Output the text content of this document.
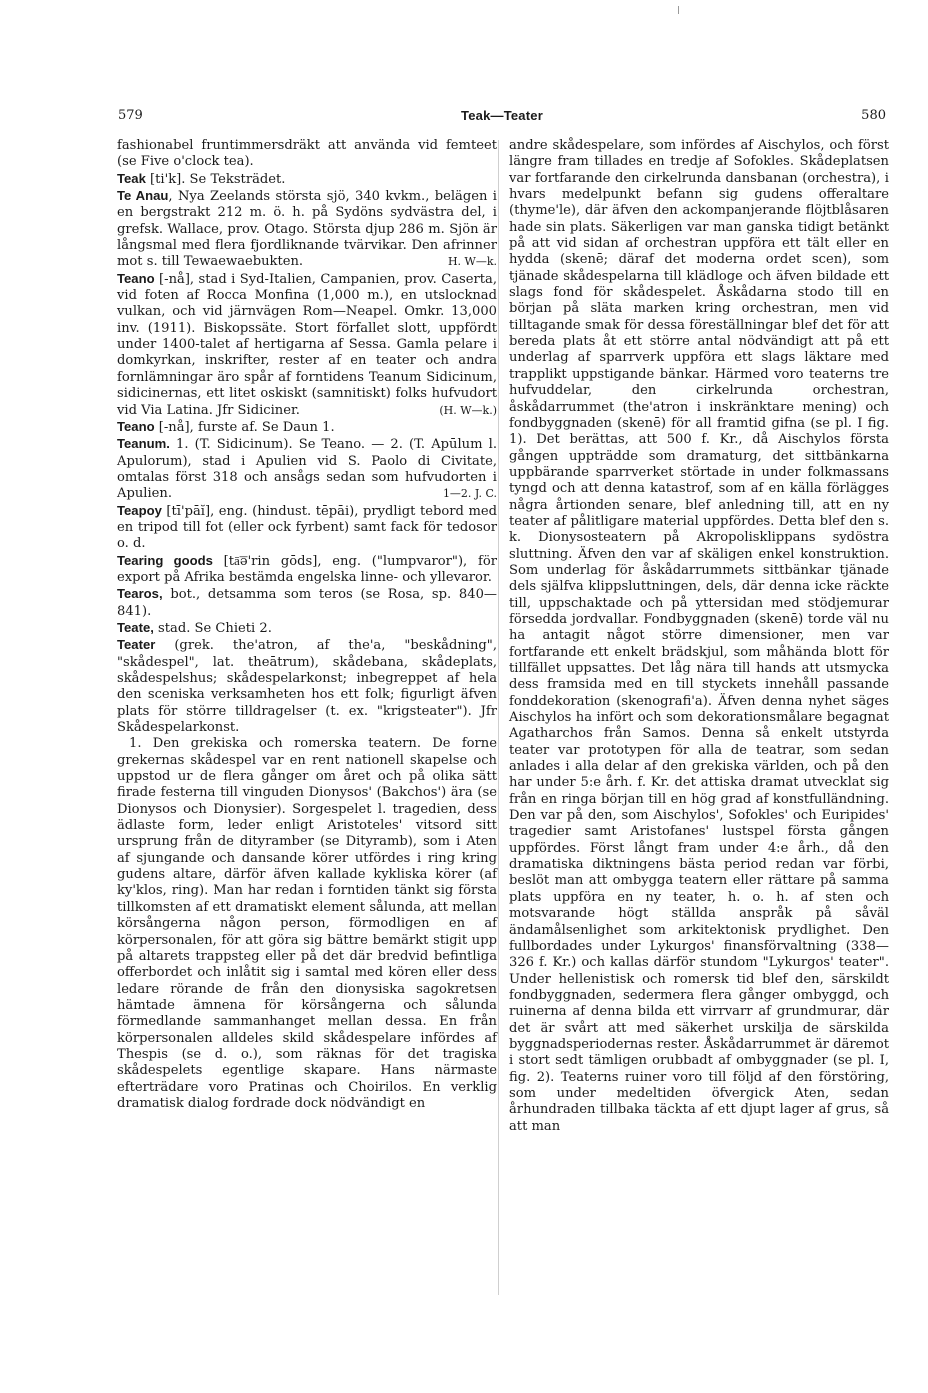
579	Teak—Teater	580

fashionabel fruntimmersdräkt att använda vid femteet (se Five o'clock tea).

Teak [ti'k]. Se Teksträdet.

Te Anau, Nya Zeelands största sjö, 340 kvkm., belägen i en bergstrakt 212 m. ö. h. på Sydöns sydvästra del, i grefsk. Wallace, prov. Otago. Största djup 286 m. Sjön är långsmal med flera fjordliknande tvärvikar. Den afrinner mot s. till Tewaewaebukten.	H. W—k.

Teano [-nå], stad i Syd-Italien, Campanien, prov. Caserta, vid foten af Rocca Monfina (1,000 m.), en utslocknad vulkan, och vid järnvägen Rom—Neapel. Omkr. 13,000 inv. (1911). Biskopssäte. Stort förfallet slott, uppfördt under 1400-talet af hertigarna af Sessa. Gamla pelare i domkyrkan, inskrifter, rester af en teater och andra fornlämningar äro spår af forntidens Teanum Sidicinum, sidicinernas, ett litet oskiskt (samnitiskt) folks hufvudort vid Via Latina. Jfr Sidiciner.	(H. W—k.)

Teano [-nå], furste af. Se Daun 1.

Teanum. 1. (T. Sidicinum). Se Teano. — 2. (T. Apūlum l. Apulorum), stad i Apulien vid S. Paolo di Civitate, omtalas först 318 och ansågs sedan som hufvudorten i Apulien.	1—2. J. C.

Teapoy [tī'pāĭ], eng. (hindust. tēpāi), prydligt tebord med en tripod till fot (eller ock fyrbent) samt fack för tedosor o. d.

Tearing goods [tā͞ə'rin gōds], eng. ("lumpvaror"), för export på Afrika bestämda engelska linne- och yllevaror.

Tearos, bot., detsamma som teros (se Rosa, sp. 840—841).

Teate, stad. Se Chieti 2.

Teater (grek. the'atron, af the'a, "beskådning", "skådespel", lat. theātrum), skådebana, skådeplats, skådespelshus; skådespelarkonst; inbegreppet af hela den sceniska verksamheten hos ett folk; figurligt äfven plats för större tilldragelser (t. ex. "krigsteater"). Jfr Skådespelarkonst.

1. Den grekiska och romerska teatern. De forne grekernas skådespel var en rent nationell skapelse och uppstod ur de flera gånger om året och på olika sätt firade festerna till vinguden Dionysos' (Bakchos') ära (se Dionysos och Dionysier). Sorgespelet l. tragedien, dess ädlaste form, leder enligt Aristoteles' vitsord sitt ursprung från de dityramber (se Dityramb), som i Aten af sjungande och dansande körer utfördes i ring kring gudens altare, därför äfven kallade kykliska körer (af ky'klos, ring). Man har redan i forntiden tänkt sig första tillkomsten af ett dramatiskt element sålunda, att mellan körsångerna någon person, förmodligen en af körpersonalen, för att göra sig bättre bemärkt stigit upp på altarets trappsteg eller på det där bredvid befintliga offerbordet och inlåtit sig i samtal med kören eller dess ledare rörande de från den dionysiska sagokretsen hämtade ämnena för körsångerna och sålunda förmedlande sammanhanget mellan dessa. En från körpersonalen alldeles skild skådespelare infördes af Thespis (se d. o.), som räknas för det tragiska skådespelets egentlige skapare. Hans närmaste efterträdare voro Pratinas och Choirilos. En verklig dramatisk dialog fordrade dock nödvändigt en

andre skådespelare, som infördes af Aischylos, och först längre fram tillades en tredje af Sofokles. Skådeplatsen var fortfarande den cirkelrunda dansbanan (orchestra), i hvars medelpunkt befann sig gudens offeraltare (thyme'le), där äfven den ackompanjerande flöjtblåsaren hade sin plats. Säkerligen var man ganska tidigt betänkt på att vid sidan af orchestran uppföra ett tält eller en hydda (skenē; däraf det moderna ordet scen), som tjänade skådespelarna till klädloge och äfven bildade ett slags fond för skådespelet. Åskådarna stodo till en början på släta marken kring orchestran, men vid tilltagande smak för dessa föreställningar blef det för att bereda plats åt ett större antal nödvändigt att på ett underlag af sparrverk uppföra ett slags läktare med trapplikt uppstigande bänkar. Härmed voro teaterns tre hufvuddelar, den cirkelrunda orchestran, åskådarrummet (the'atron i inskränktare mening) och fondbyggnaden (skenē) för all framtid gifna (se pl. I fig. 1). Det berättas, att 500 f. Kr., då Aischylos första gången uppträdde som dramaturg, det sittbänkarna uppbärande sparrverket störtade in under folkmassans tyngd och att denna katastrof, som af en källa förlägges några årtionden senare, blef anledning till, att en ny teater af pålitligare material uppfördes. Detta blef den s. k. Dionysosteatern på Akropolisklippans sydöstra sluttning. Äfven den var af skäligen enkel konstruktion. Som underlag för åskådarrummets sittbänkar tjänade dels själfva klippsluttningen, dels, där denna icke räckte till, uppschaktade och på yttersidan med stödjemurar försedda jordvallar. Fondbyggnaden (skenē) torde väl nu ha antagit något större dimensioner, men var fortfarande ett enkelt brädskjul, som måhända blott för tillfället uppsattes. Det låg nära till hands att utsmycka dess framsida med en till styckets innehåll passande fonddekoration (skenografi'a). Äfven denna nyhet säges Aischylos ha infört och som dekorationsmålare begagnat Agatharchos från Samos. Denna så enkelt utstyrda teater var prototypen för alla de teatrar, som sedan anlades i alla delar af den grekiska världen, och på den har under 5:e årh. f. Kr. det attiska dramat utvecklat sig från en ringa början till en hög grad af konstfulländning. Den var på den, som Aischylos', Sofokles' och Euripides' tragedier samt Aristofanes' lustspel första gången uppfördes. Först långt fram under 4:e årh., då den dramatiska diktningens bästa period redan var förbi, beslöt man att ombygga teatern eller rättare på samma plats uppföra en ny teater, h. o. h. af sten och motsvarande högt ställda anspråk på såväl ändamålsenlighet som arkitektonisk prydlighet. Den fullbordades under Lykurgos' finansförvaltning (338—326 f. Kr.) och kallas därför stundom "Lykurgos' teater". Under hellenistisk och romersk tid blef den, särskildt fondbyggnaden, sedermera flera gånger ombyggd, och ruinerna af denna bilda ett virrvarr af grundmurar, där det är svårt att med säkerhet urskilja de särskilda byggnadsperiodernas rester. Åskådarrummet är däremot i stort sedt tämligen orubbadt af ombyggnader (se pl. I, fig. 2). Teaterns ruiner voro till följd af den förstöring, som under medeltiden öfvergick Aten, sedan århundraden tillbaka täckta af ett djupt lager af grus, så att man
